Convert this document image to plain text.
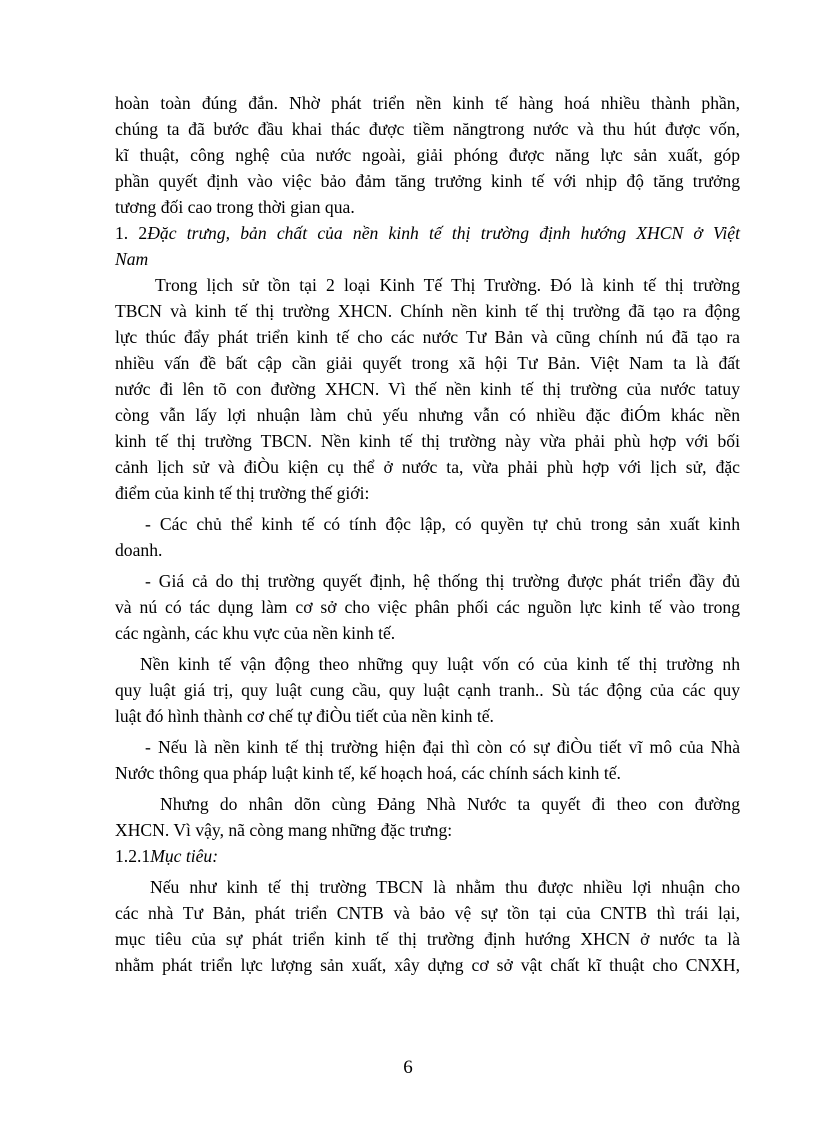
hoàn toàn đúng đắn. Nhờ phát triển nền kinh tế hàng hoá nhiều thành phần,
chúng ta đã bước đầu khai thác được tiềm năngtrong nước và thu hút được vốn,
kĩ thuật, công nghệ của nước ngoài, giải phóng được năng lực sản xuất, góp
phần quyết định vào việc bảo đảm tăng trưởng kinh tế với nhịp độ tăng trưởng
tương đối cao trong thời gian qua.
1. 2Đặc trưng, bản chất của nền kinh tế thị trường định hướng XHCN ở Việt
Nam
Trong lịch sử tồn tại 2 loại Kinh Tế Thị Trường. Đó là kinh tế thị trường
TBCN và kinh tế thị trường XHCN. Chính nền kinh tế thị trường đã tạo ra động
lực thúc đẩy phát triển kinh tế cho các nước Tư Bản và cũng chính nú đã tạo ra
nhiều vấn đề bất cập cần giải quyết trong xã hội Tư Bản. Việt Nam ta là đất
nước đi lên tõ con đường XHCN. Vì thế nền kinh tế thị trường của nước tatuy
còng vẫn lấy lợi nhuận làm chủ yếu nhưng vẫn có nhiều đặc điÓm khác nền
kinh tế thị trường TBCN. Nền kinh tế thị trường này vừa phải phù hợp với bối
cảnh lịch sử và điÒu kiện cụ thể ở nước ta, vừa phải phù hợp với lịch sử, đặc
điểm của kinh tế thị trường thế giới:
- Các chủ thể kinh tế có tính độc lập, có quyền tự chủ trong sản xuất kinh
doanh.
- Giá cả do thị trường quyết định, hệ thống thị trường được phát triển đầy đủ
và nú có tác dụng làm cơ sở cho việc phân phối các nguồn lực kinh tế vào trong
các ngành, các khu vực của nền kinh tế.
Nền kinh tế vận động theo những quy luật vốn có của kinh tế thị trường nh
quy luật giá trị, quy luật cung cầu, quy luật cạnh tranh.. Sù tác động của các quy
luật đó hình thành cơ chế tự điÒu tiết của nền kinh tế.
- Nếu là nền kinh tế thị trường hiện đại thì còn có sự điÒu tiết vĩ mô của Nhà
Nước thông qua pháp luật kinh tế, kế hoạch hoá, các chính sách kinh tế.
Nhưng do nhân dõn cùng Đảng Nhà Nước ta quyết đi theo con đường
XHCN. Vì vậy, nã còng mang những đặc trưng:
1.2.1Mục tiêu:
Nếu như kinh tế thị trường TBCN là nhằm thu được nhiều lợi nhuận cho
các nhà Tư Bản, phát triển CNTB và bảo vệ sự tồn tại của CNTB thì trái lại,
mục tiêu của sự phát triển kinh tế thị trường định hướng XHCN ở nước ta là
nhằm phát triển lực lượng sản xuất, xây dựng cơ sở vật chất kĩ thuật cho CNXH,
6
